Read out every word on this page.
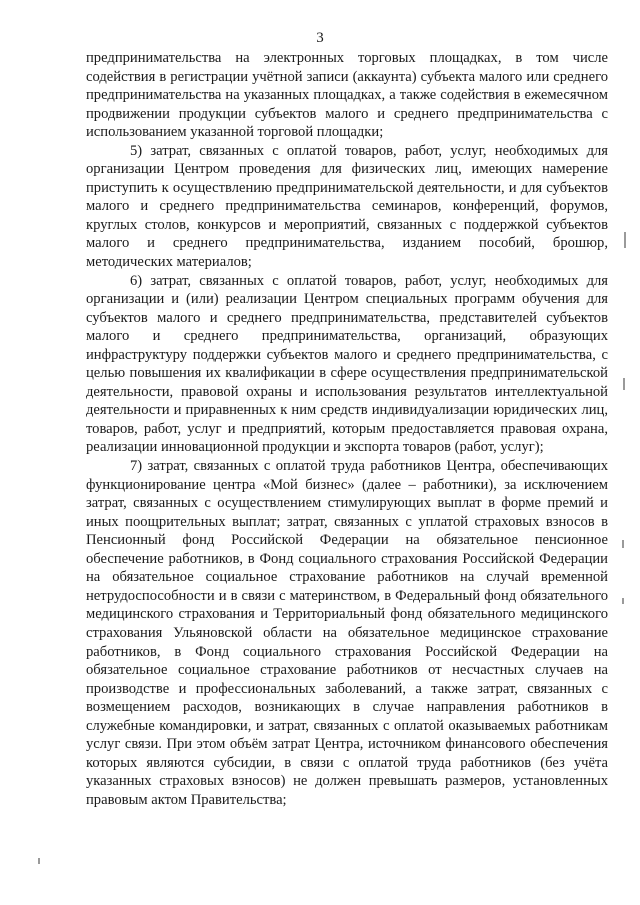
3

предпринимательства на электронных торговых площадках, в том числе содействия в регистрации учётной записи (аккаунта) субъекта малого или среднего предпринимательства на указанных площадках, а также содействия в ежемесячном продвижении продукции субъектов малого и среднего предпринимательства с использованием указанной торговой площадки;

5) затрат, связанных с оплатой товаров, работ, услуг, необходимых для организации Центром проведения для физических лиц, имеющих намерение приступить к осуществлению предпринимательской деятельности, и для субъектов малого и среднего предпринимательства семинаров, конференций, форумов, круглых столов, конкурсов и мероприятий, связанных с поддержкой субъектов малого и среднего предпринимательства, изданием пособий, брошюр, методических материалов;

6) затрат, связанных с оплатой товаров, работ, услуг, необходимых для организации и (или) реализации Центром специальных программ обучения для субъектов малого и среднего предпринимательства, представителей субъектов малого и среднего предпринимательства, организаций, образующих инфраструктуру поддержки субъектов малого и среднего предпринимательства, с целью повышения их квалификации в сфере осуществления предпринимательской деятельности, правовой охраны и использования результатов интеллектуальной деятельности и приравненных к ним средств индивидуализации юридических лиц, товаров, работ, услуг и предприятий, которым предоставляется правовая охрана, реализации инновационной продукции и экспорта товаров (работ, услуг);

7) затрат, связанных с оплатой труда работников Центра, обеспечивающих функционирование центра «Мой бизнес» (далее – работники), за исключением затрат, связанных с осуществлением стимулирующих выплат в форме премий и иных поощрительных выплат; затрат, связанных с уплатой страховых взносов в Пенсионный фонд Российской Федерации на обязательное пенсионное обеспечение работников, в Фонд социального страхования Российской Федерации на обязательное социальное страхование работников на случай временной нетрудоспособности и в связи с материнством, в Федеральный фонд обязательного медицинского страхования и Территориальный фонд обязательного медицинского страхования Ульяновской области на обязательное медицинское страхование работников, в Фонд социального страхования Российской Федерации на обязательное социальное страхование работников от несчастных случаев на производстве и профессиональных заболеваний, а также затрат, связанных с возмещением расходов, возникающих в случае направления работников в служебные командировки, и затрат, связанных с оплатой оказываемых работникам услуг связи. При этом объём затрат Центра, источником финансового обеспечения которых являются субсидии, в связи с оплатой труда работников (без учёта указанных страховых взносов) не должен превышать размеров, установленных правовым актом Правительства;
